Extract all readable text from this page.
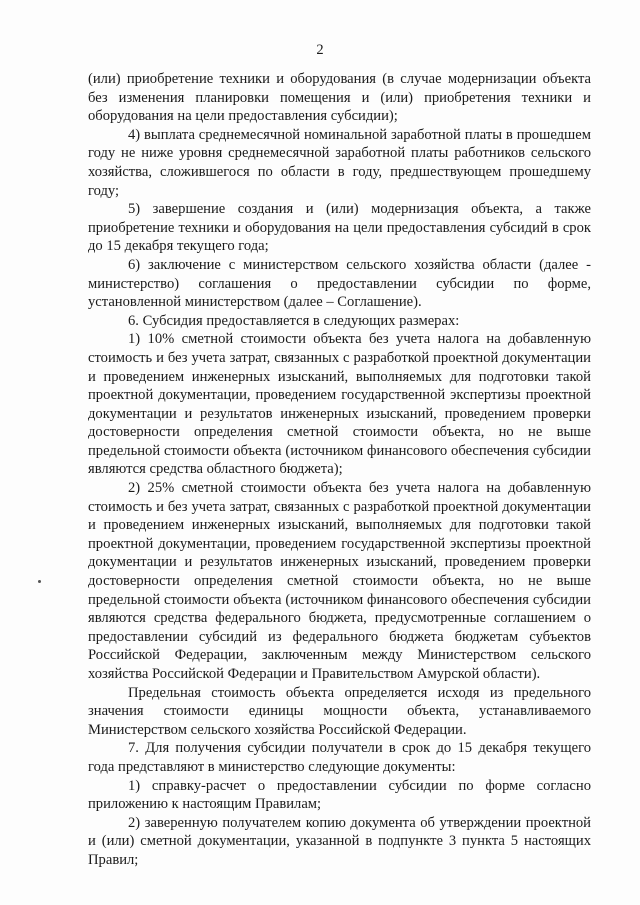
2

(или) приобретение техники и оборудования (в случае модернизации объекта без изменения планировки помещения и (или) приобретения техники и оборудования на цели предоставления субсидии);

4) выплата среднемесячной номинальной заработной платы в прошедшем году не ниже уровня среднемесячной заработной платы работников сельского хозяйства, сложившегося по области в году, предшествующем прошедшему году;

5) завершение создания и (или) модернизация объекта, а также приобретение техники и оборудования на цели предоставления субсидий в срок до 15 декабря текущего года;

6) заключение с министерством сельского хозяйства области (далее - министерство) соглашения о предоставлении субсидии по форме, установленной министерством (далее – Соглашение).

6. Субсидия предоставляется в следующих размерах:

1) 10% сметной стоимости объекта без учета налога на добавленную стоимость и без учета затрат, связанных с разработкой проектной документации и проведением инженерных изысканий, выполняемых для подготовки такой проектной документации, проведением государственной экспертизы проектной документации и результатов инженерных изысканий, проведением проверки достоверности определения сметной стоимости объекта, но не выше предельной стоимости объекта (источником финансового обеспечения субсидии являются средства областного бюджета);

2) 25% сметной стоимости объекта без учета налога на добавленную стоимость и без учета затрат, связанных с разработкой проектной документации и проведением инженерных изысканий, выполняемых для подготовки такой проектной документации, проведением государственной экспертизы проектной документации и результатов инженерных изысканий, проведением проверки достоверности определения сметной стоимости объекта, но не выше предельной стоимости объекта (источником финансового обеспечения субсидии являются средства федерального бюджета, предусмотренные соглашением о предоставлении субсидий из федерального бюджета бюджетам субъектов Российской Федерации, заключенным между Министерством сельского хозяйства Российской Федерации и Правительством Амурской области).

Предельная стоимость объекта определяется исходя из предельного значения стоимости единицы мощности объекта, устанавливаемого Министерством сельского хозяйства Российской Федерации.

7. Для получения субсидии получатели в срок до 15 декабря текущего года представляют в министерство следующие документы:

1) справку-расчет о предоставлении субсидии по форме согласно приложению к настоящим Правилам;

2) заверенную получателем копию документа об утверждении проектной и (или) сметной документации, указанной в подпункте 3 пункта 5 настоящих Правил;
